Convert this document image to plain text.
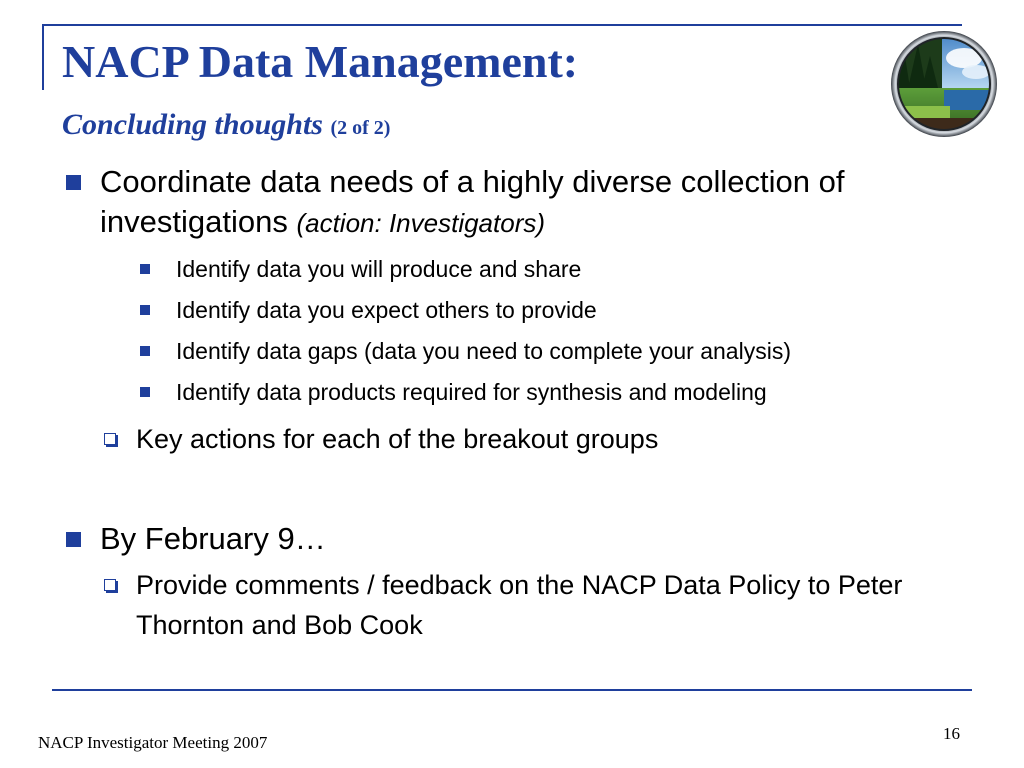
NACP Data Management:
Concluding thoughts (2 of 2)
Coordinate data needs of a highly diverse collection of investigations (action: Investigators)
Identify data you will produce and share
Identify data you expect others to provide
Identify data gaps (data you need to complete your analysis)
Identify data products required for synthesis and modeling
Key actions for each of the breakout groups
By February 9…
Provide comments / feedback on the NACP Data Policy to Peter Thornton and Bob Cook
NACP Investigator Meeting 2007	16
